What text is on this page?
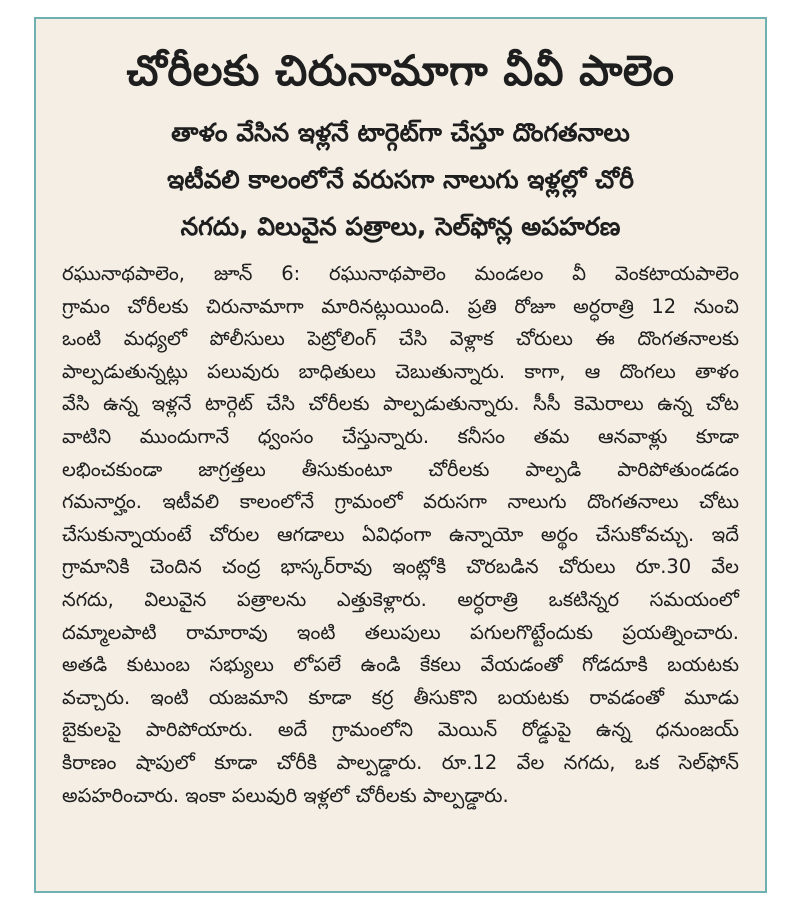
చోరీలకు చిరునామాగా వీవీ పాలెం

తాళం వేసిన ఇళ్లనే టార్గెట్‌గా చేస్తూ దొంగతనాలు

ఇటీవలి కాలంలోనే వరుసగా నాలుగు ఇళ్లల్లో చోరీ

నగదు, విలువైన పత్రాలు, సెల్‌ఫోన్ల అపహరణ

రఘునాథపాలెం, జూన్ 6: రఘునాథపాలెం మండలం వీ వెంకటాయపాలెం
గ్రామం చోరీలకు చిరునామాగా మారినట్లుయింది. ప్రతి రోజూ అర్ధరాత్రి 12 నుంచి
ఒంటి మధ్యలో పోలీసులు పెట్రోలింగ్ చేసి వెళ్లాక చోరులు ఈ దొంగతనాలకు
పాల్పడుతున్నట్లు పలువురు బాధితులు చెబుతున్నారు. కాగా, ఆ దొంగలు తాళం
వేసి ఉన్న ఇళ్లనే టార్గెట్ చేసి చోరీలకు పాల్పడుతున్నారు. సీసీ కెమెరాలు ఉన్న చోట
వాటిని ముందుగానే ధ్వంసం చేస్తున్నారు. కనీసం తమ ఆనవాళ్లు కూడా
లభించకుండా జాగ్రత్తలు తీసుకుంటూ చోరీలకు పాల్పడి పారిపోతుండడం
గమనార్హం. ఇటీవలి కాలంలోనే గ్రామంలో వరుసగా నాలుగు దొంగతనాలు చోటు
చేసుకున్నాయంటే చోరుల ఆగడాలు ఏవిధంగా ఉన్నాయో అర్థం చేసుకోవచ్చు. ఇదే
గ్రామానికి చెందిన చంద్ర భాస్కర్‌రావు ఇంట్లోకి చొరబడిన చోరులు రూ.30 వేల
నగదు, విలువైన పత్రాలను ఎత్తుకెళ్లారు. అర్ధరాత్రి ఒకటిన్నర సమయంలో
దమ్మాలపాటి రామారావు ఇంటి తలుపులు పగులగొట్టేందుకు ప్రయత్నించారు.
అతడి కుటుంబ సభ్యులు లోపలే ఉండి కేకలు వేయడంతో గోడదూకి బయటకు
వచ్చారు. ఇంటి యజమాని కూడా కర్ర తీసుకొని బయటకు రావడంతో మూడు
బైకులపై పారిపోయారు. అదే గ్రామంలోని మెయిన్ రోడ్డుపై ఉన్న ధనుంజయ్
కిరాణం షాపులో కూడా చోరీకి పాల్పడ్డారు. రూ.12 వేల నగదు, ఒక సెల్‌ఫోన్
అపహరించారు. ఇంకా పలువురి ఇళ్లలో చోరీలకు పాల్పడ్డారు.
